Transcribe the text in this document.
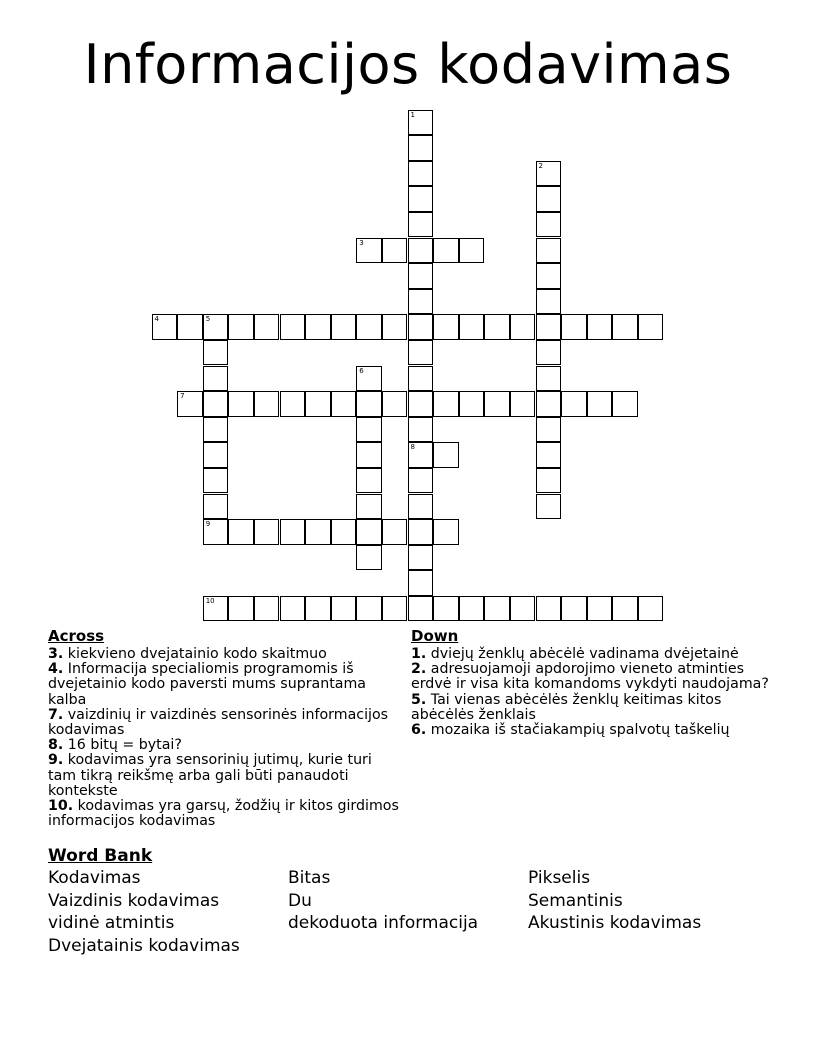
Informacijos kodavimas
1
8
2
3
4	5
9
6
7
10
Across
3. kiekvieno dvejatainio kodo skaitmuo
4. Informacija specialiomis programomis iš dvejetainio kodo paversti mums suprantama kalba
7. vaizdinių ir vaizdinės sensorinės informacijos kodavimas
8. 16 bitų = bytai?
9. kodavimas yra sensorinių jutimų, kurie turi tam tikrą reikšmę arba gali būti panaudoti kontekste
10. kodavimas yra garsų, žodžių ir kitos girdimos informacijos kodavimas
Down
1. dviejų ženklų abėcėlė vadinama dvėjetainė
2. adresuojamoji apdorojimo vieneto atminties erdvė ir visa kita komandoms vykdyti naudojama?
5. Tai vienas abėcėlės ženklų keitimas kitos abėcėlės ženklais
6. mozaika iš stačiakampių spalvotų taškelių
Word Bank
Kodavimas	Bitas	Pikselis
Vaizdinis kodavimas	Du	Semantinis
vidinė atmintis	dekoduota informacija	Akustinis kodavimas
Dvejatainis kodavimas
